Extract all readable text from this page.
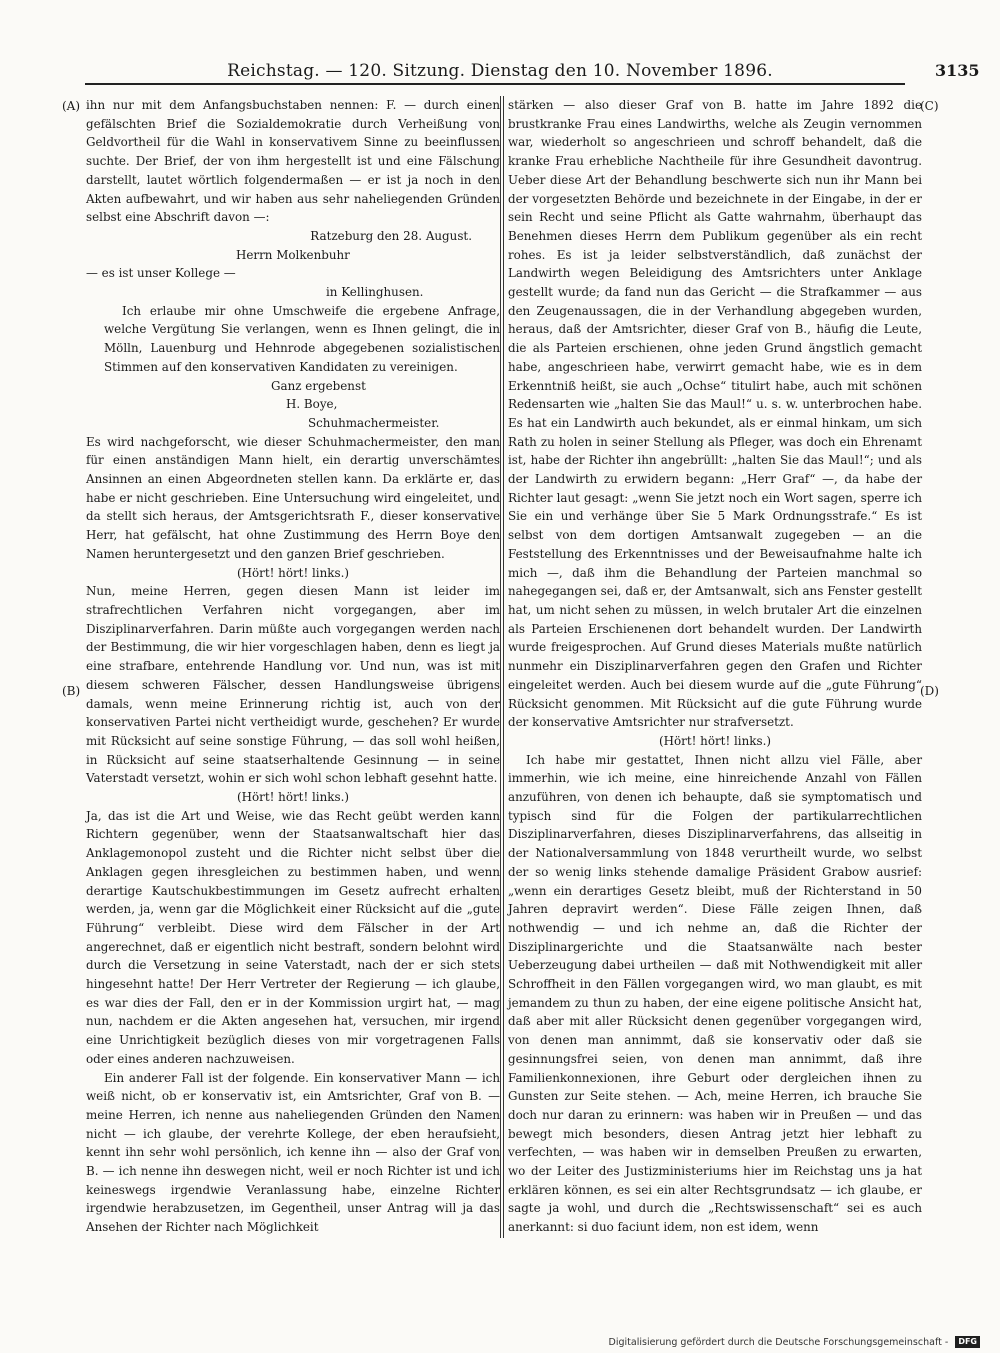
Reichstag. — 120. Sitzung. Dienstag den 10. November 1896.	3135
(A)
(B)
(C)
(D)

ihn nur mit dem Anfangsbuchstaben nennen: F. — durch einen gefälschten Brief die Sozialdemokratie durch Verheißung von Geldvortheil für die Wahl in konservativem Sinne zu beeinflussen suchte. Der Brief, der von ihm hergestellt ist und eine Fälschung darstellt, lautet wörtlich folgendermaßen — er ist ja noch in den Akten aufbewahrt, und wir haben aus sehr naheliegenden Gründen selbst eine Abschrift davon —:

Ratzeburg den 28. August.

Herrn Molkenbuhr

— es ist unser Kollege —

in Kellinghusen.

Ich erlaube mir ohne Umschweife die ergebene Anfrage, welche Vergütung Sie verlangen, wenn es Ihnen gelingt, die in Mölln, Lauenburg und Hehnrode abgegebenen sozialistischen Stimmen auf den konservativen Kandidaten zu vereinigen.

Ganz ergebenst

H. Boye,

Schuhmachermeister.

Es wird nachgeforscht, wie dieser Schuhmachermeister, den man für einen anständigen Mann hielt, ein derartig unverschämtes Ansinnen an einen Abgeordneten stellen kann. Da erklärte er, das habe er nicht geschrieben. Eine Untersuchung wird eingeleitet, und da stellt sich heraus, der Amtsgerichtsrath F., dieser konservative Herr, hat gefälscht, hat ohne Zustimmung des Herrn Boye den Namen heruntergesetzt und den ganzen Brief geschrieben.

(Hört! hört! links.)

Nun, meine Herren, gegen diesen Mann ist leider im strafrechtlichen Verfahren nicht vorgegangen, aber im Disziplinarverfahren. Darin müßte auch vorgegangen werden nach der Bestimmung, die wir hier vorgeschlagen haben, denn es liegt ja eine strafbare, entehrende Handlung vor. Und nun, was ist mit diesem schweren Fälscher, dessen Handlungsweise übrigens damals, wenn meine Erinnerung richtig ist, auch von der konservativen Partei nicht vertheidigt wurde, geschehen? Er wurde mit Rücksicht auf seine sonstige Führung, — das soll wohl heißen, in Rücksicht auf seine staatserhaltende Gesinnung — in seine Vaterstadt versetzt, wohin er sich wohl schon lebhaft gesehnt hatte.

(Hört! hört! links.)

Ja, das ist die Art und Weise, wie das Recht geübt werden kann Richtern gegenüber, wenn der Staatsanwaltschaft hier das Anklagemonopol zusteht und die Richter nicht selbst über die Anklagen gegen ihresgleichen zu bestimmen haben, und wenn derartige Kautschukbestimmungen im Gesetz aufrecht erhalten werden, ja, wenn gar die Möglichkeit einer Rücksicht auf die „gute Führung“ verbleibt. Diese wird dem Fälscher in der Art angerechnet, daß er eigentlich nicht bestraft, sondern belohnt wird durch die Versetzung in seine Vaterstadt, nach der er sich stets hingesehnt hatte! Der Herr Vertreter der Regierung — ich glaube, es war dies der Fall, den er in der Kommission urgirt hat, — mag nun, nachdem er die Akten angesehen hat, versuchen, mir irgend eine Unrichtigkeit bezüglich dieses von mir vorgetragenen Falls oder eines anderen nachzuweisen.

Ein anderer Fall ist der folgende. Ein konservativer Mann — ich weiß nicht, ob er konservativ ist, ein Amtsrichter, Graf von B. — meine Herren, ich nenne aus naheliegenden Gründen den Namen nicht — ich glaube, der verehrte Kollege, der eben heraufsieht, kennt ihn sehr wohl persönlich, ich kenne ihn — also der Graf von B. — ich nenne ihn deswegen nicht, weil er noch Richter ist und ich keineswegs irgendwie Veranlassung habe, einzelne Richter irgendwie herabzusetzen, im Gegentheil, unser Antrag will ja das Ansehen der Richter nach Möglichkeit

stärken — also dieser Graf von B. hatte im Jahre 1892 die brustkranke Frau eines Landwirths, welche als Zeugin vernommen war, wiederholt so angeschrieen und schroff behandelt, daß die kranke Frau erhebliche Nachtheile für ihre Gesundheit davontrug. Ueber diese Art der Behandlung beschwerte sich nun ihr Mann bei der vorgesetzten Behörde und bezeichnete in der Eingabe, in der er sein Recht und seine Pflicht als Gatte wahrnahm, überhaupt das Benehmen dieses Herrn dem Publikum gegenüber als ein recht rohes. Es ist ja leider selbstverständlich, daß zunächst der Landwirth wegen Beleidigung des Amtsrichters unter Anklage gestellt wurde; da fand nun das Gericht — die Strafkammer — aus den Zeugenaussagen, die in der Verhandlung abgegeben wurden, heraus, daß der Amtsrichter, dieser Graf von B., häufig die Leute, die als Parteien erschienen, ohne jeden Grund ängstlich gemacht habe, angeschrieen habe, verwirrt gemacht habe, wie es in dem Erkenntniß heißt, sie auch „Ochse“ titulirt habe, auch mit schönen Redensarten wie „halten Sie das Maul!“ u. s. w. unterbrochen habe. Es hat ein Landwirth auch bekundet, als er einmal hinkam, um sich Rath zu holen in seiner Stellung als Pfleger, was doch ein Ehrenamt ist, habe der Richter ihn angebrüllt: „halten Sie das Maul!“; und als der Landwirth zu erwidern begann: „Herr Graf“ —, da habe der Richter laut gesagt: „wenn Sie jetzt noch ein Wort sagen, sperre ich Sie ein und verhänge über Sie 5 Mark Ordnungsstrafe.“ Es ist selbst von dem dortigen Amtsanwalt zugegeben — an die Feststellung des Erkenntnisses und der Beweisaufnahme halte ich mich —, daß ihm die Behandlung der Parteien manchmal so nahegegangen sei, daß er, der Amtsanwalt, sich ans Fenster gestellt hat, um nicht sehen zu müssen, in welch brutaler Art die einzelnen als Parteien Erschienenen dort behandelt wurden. Der Landwirth wurde freigesprochen. Auf Grund dieses Materials mußte natürlich nunmehr ein Disziplinarverfahren gegen den Grafen und Richter eingeleitet werden. Auch bei diesem wurde auf die „gute Führung“ Rücksicht genommen. Mit Rücksicht auf die gute Führung wurde der konservative Amtsrichter nur strafversetzt.

(Hört! hört! links.)

Ich habe mir gestattet, Ihnen nicht allzu viel Fälle, aber immerhin, wie ich meine, eine hinreichende Anzahl von Fällen anzuführen, von denen ich behaupte, daß sie symptomatisch und typisch sind für die Folgen der partikularrechtlichen Disziplinarverfahren, dieses Disziplinarverfahrens, das allseitig in der Nationalversammlung von 1848 verurtheilt wurde, wo selbst der so wenig links stehende damalige Präsident Grabow ausrief: „wenn ein derartiges Gesetz bleibt, muß der Richterstand in 50 Jahren depravirt werden“. Diese Fälle zeigen Ihnen, daß nothwendig — und ich nehme an, daß die Richter der Disziplinargerichte und die Staatsanwälte nach bester Ueberzeugung dabei urtheilen — daß mit Nothwendigkeit mit aller Schroffheit in den Fällen vorgegangen wird, wo man glaubt, es mit jemandem zu thun zu haben, der eine eigene politische Ansicht hat, daß aber mit aller Rücksicht denen gegenüber vorgegangen wird, von denen man annimmt, daß sie konservativ oder daß sie gesinnungsfrei seien, von denen man annimmt, daß ihre Familienkonnexionen, ihre Geburt oder dergleichen ihnen zu Gunsten zur Seite stehen. — Ach, meine Herren, ich brauche Sie doch nur daran zu erinnern: was haben wir in Preußen — und das bewegt mich besonders, diesen Antrag jetzt hier lebhaft zu verfechten, — was haben wir in demselben Preußen zu erwarten, wo der Leiter des Justizministeriums hier im Reichstag uns ja hat erklären können, es sei ein alter Rechtsgrundsatz — ich glaube, er sagte ja wohl, und durch die „Rechtswissenschaft“ sei es auch anerkannt: si duo faciunt idem, non est idem, wenn

Digitalisierung gefördert durch die Deutsche Forschungsgemeinschaft - DFG
